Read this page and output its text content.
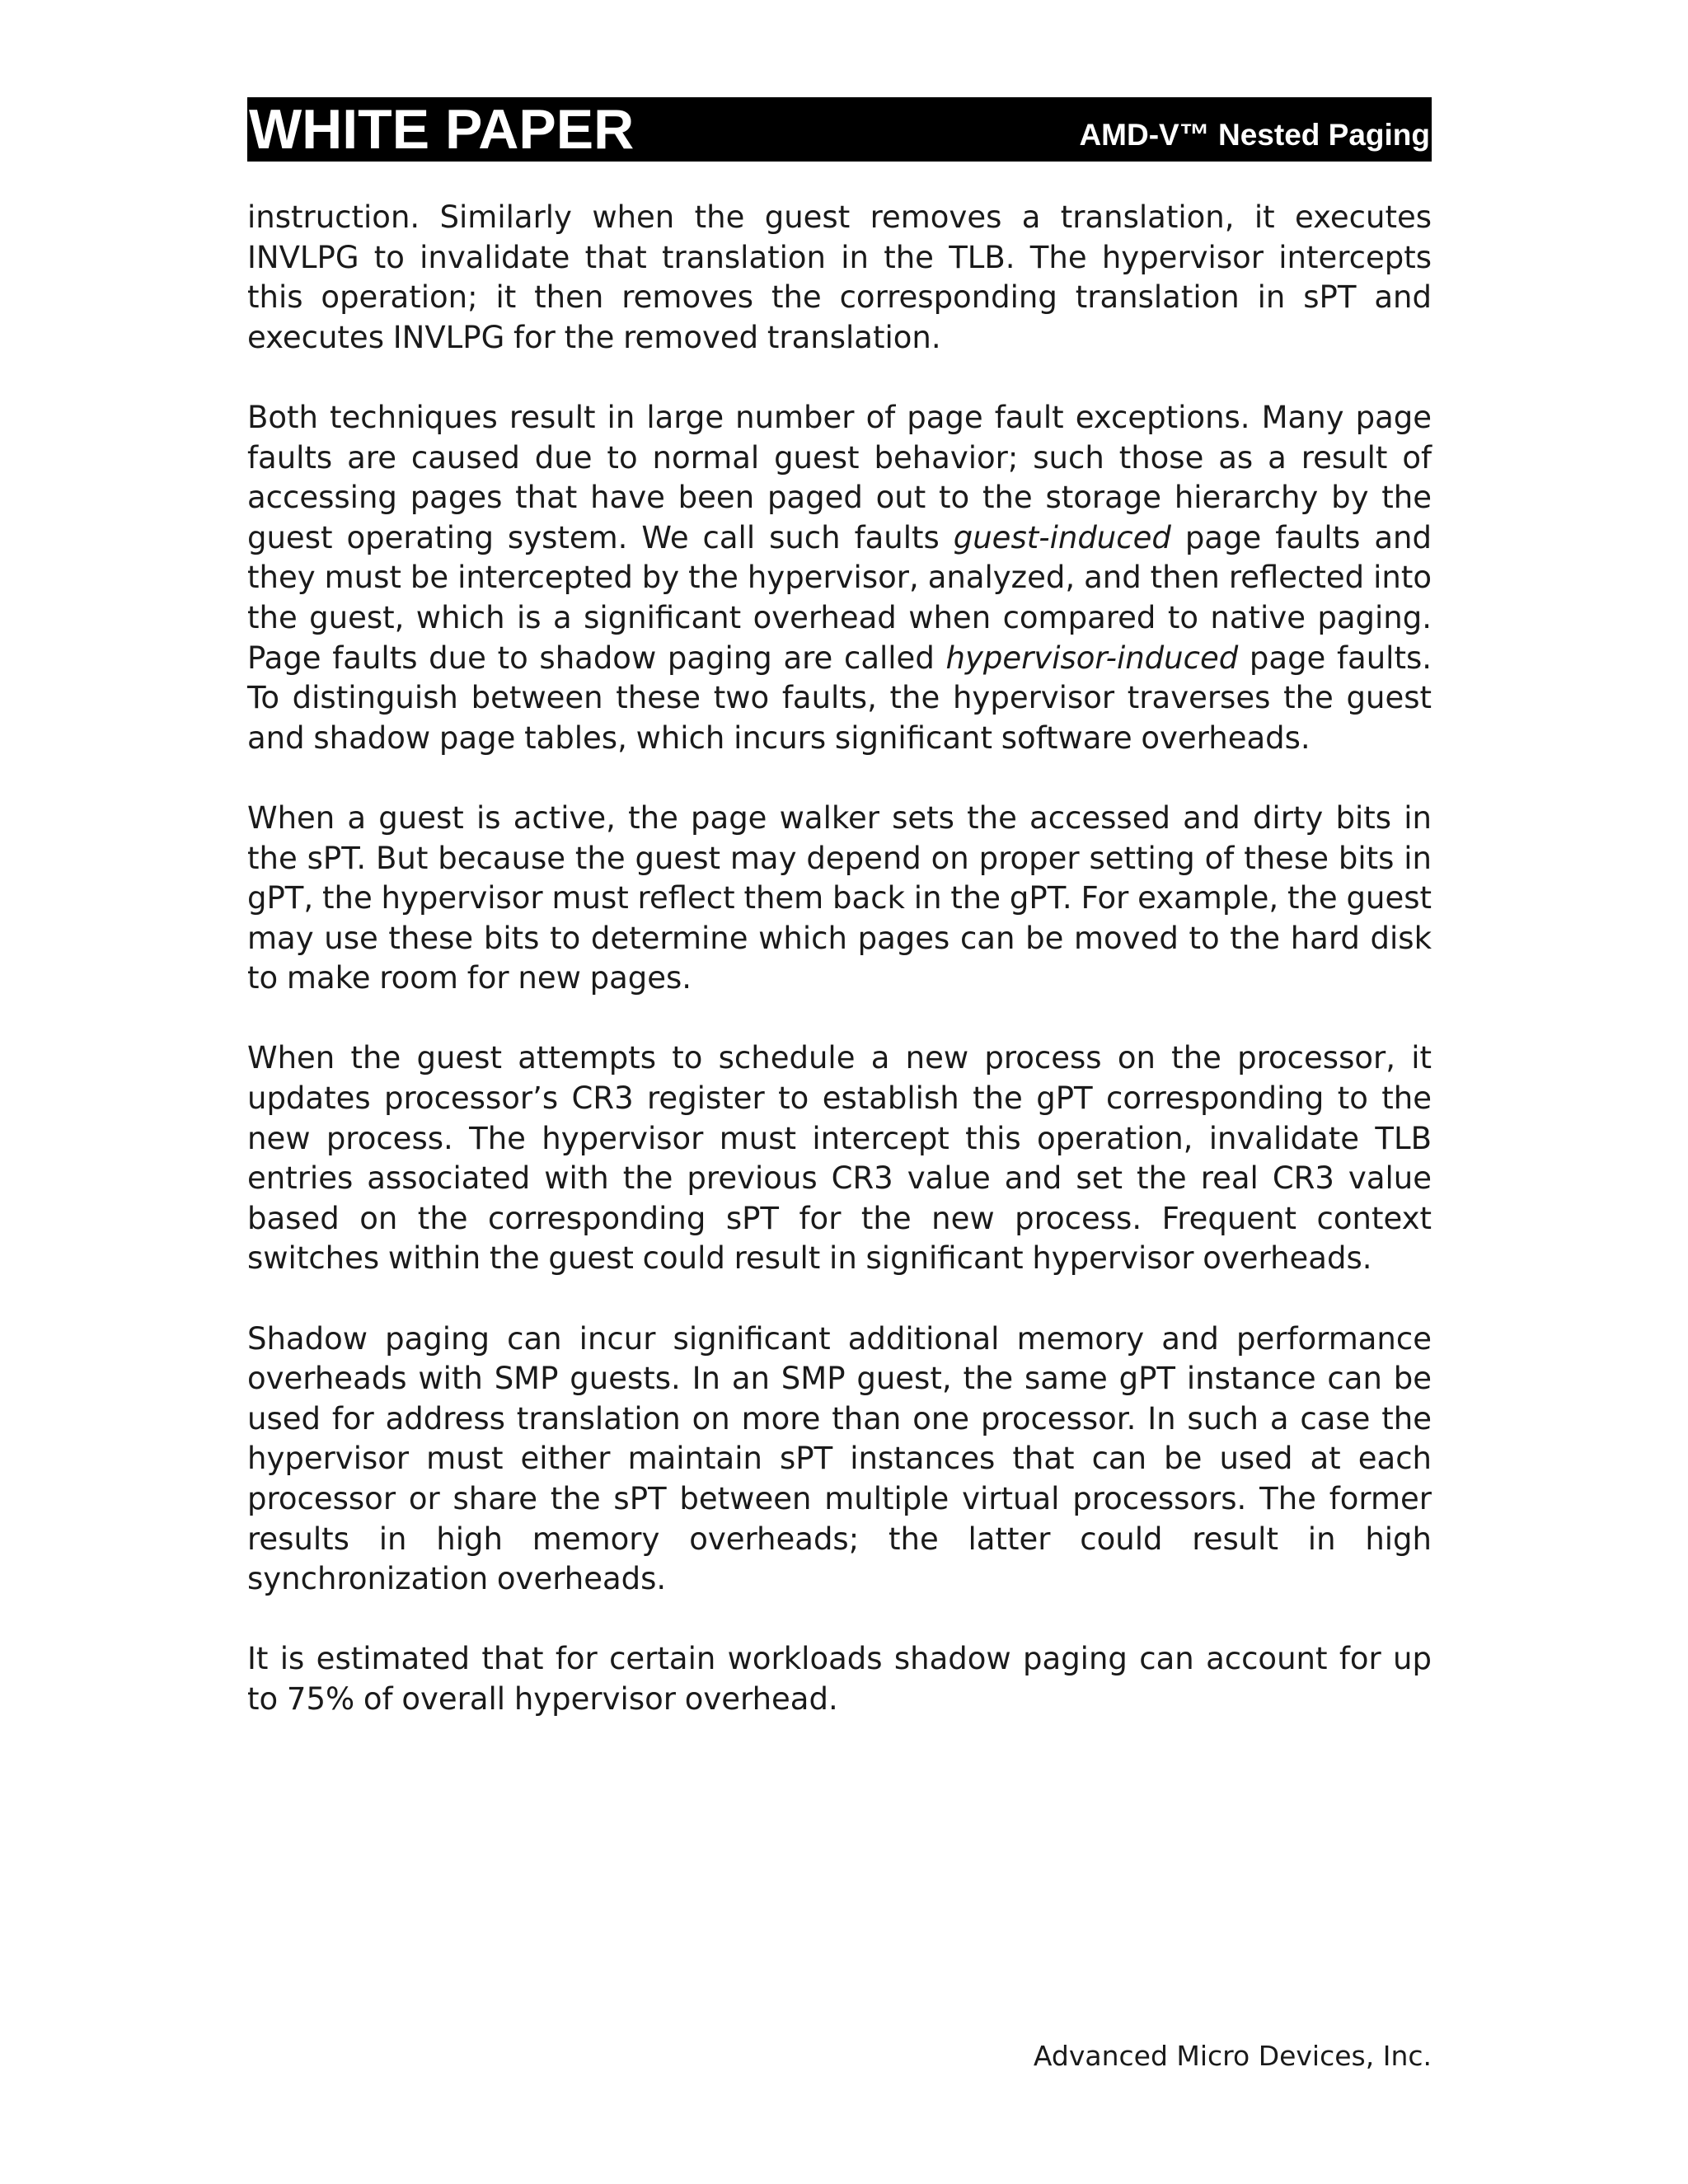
WHITE PAPER	AMD-V™ Nested Paging

instruction. Similarly when the guest removes a translation, it executes INVLPG to invalidate that translation in the TLB. The hypervisor intercepts this operation; it then removes the corresponding translation in sPT and executes INVLPG for the removed translation.

Both techniques result in large number of page fault exceptions. Many page faults are caused due to normal guest behavior; such those as a result of accessing pages that have been paged out to the storage hierarchy by the guest operating system. We call such faults guest-induced page faults and they must be intercepted by the hypervisor, analyzed, and then reflected into the guest, which is a significant overhead when compared to native paging. Page faults due to shadow paging are called hypervisor-induced page faults. To distinguish between these two faults, the hypervisor traverses the guest and shadow page tables, which incurs significant software overheads.

When a guest is active, the page walker sets the accessed and dirty bits in the sPT. But because the guest may depend on proper setting of these bits in gPT, the hypervisor must reflect them back in the gPT. For example, the guest may use these bits to determine which pages can be moved to the hard disk to make room for new pages.

When the guest attempts to schedule a new process on the processor, it updates processor’s CR3 register to establish the gPT corresponding to the new process. The hypervisor must intercept this operation, invalidate TLB entries associated with the previous CR3 value and set the real CR3 value based on the corresponding sPT for the new process. Frequent context switches within the guest could result in significant hypervisor overheads.

Shadow paging can incur significant additional memory and performance overheads with SMP guests. In an SMP guest, the same gPT instance can be used for address translation on more than one processor. In such a case the hypervisor must either maintain sPT instances that can be used at each processor or share the sPT between multiple virtual processors. The former results in high memory overheads; the latter could result in high synchronization overheads.

It is estimated that for certain workloads shadow paging can account for up to 75% of overall hypervisor overhead.

Advanced Micro Devices, Inc.
